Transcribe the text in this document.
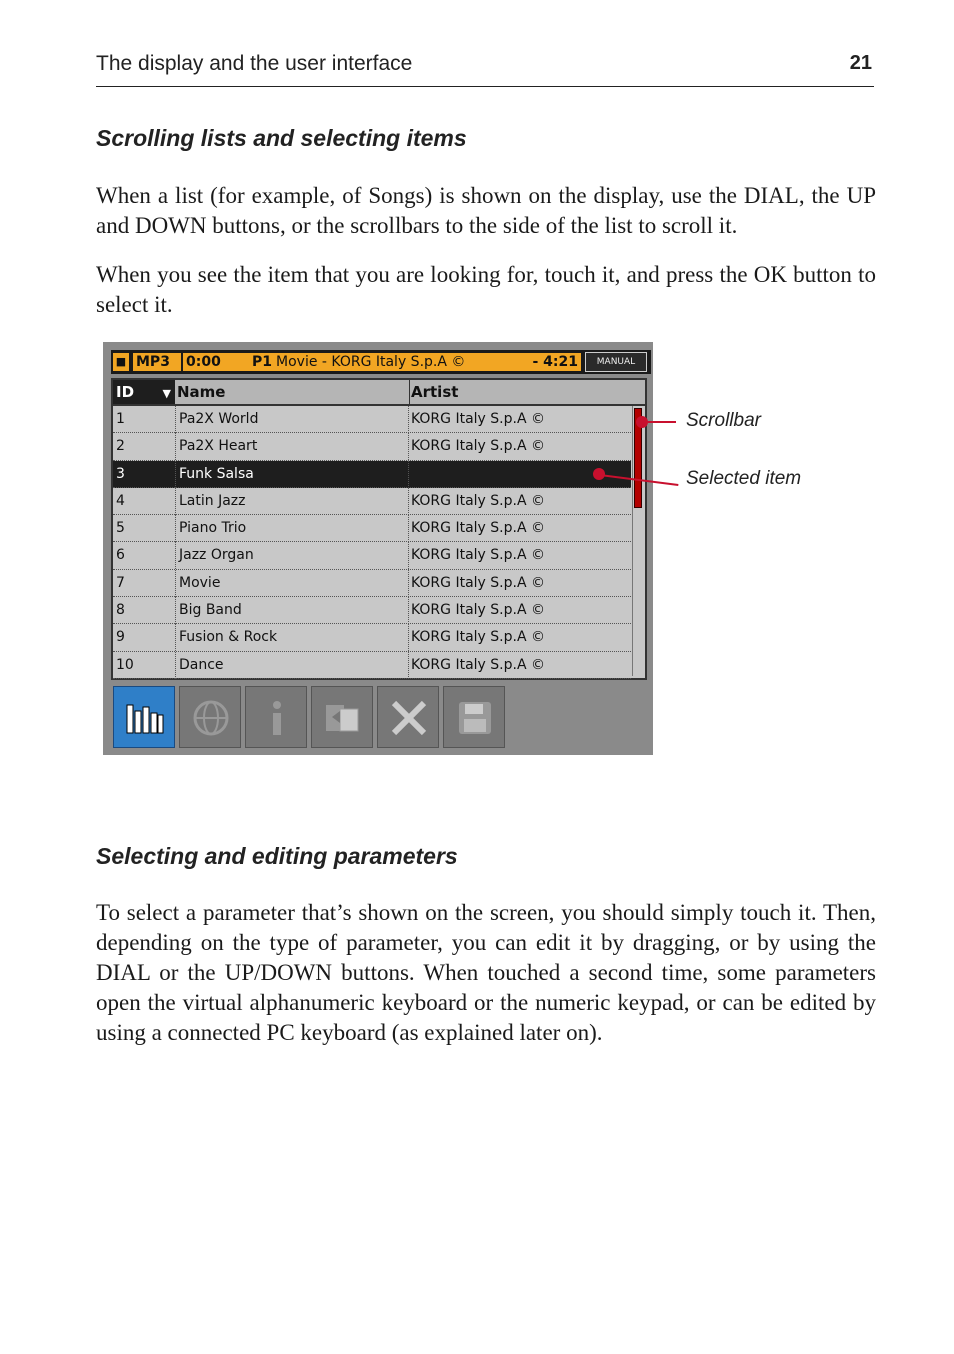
The display and the user interface	21
Scrolling lists and selecting items

When a list (for example, of Songs) is shown on the display, use the DIAL, the UP and DOWN buttons, or the scrollbars to the side of the list to scroll it.

When you see the item that you are looking for, touch it, and press the OK button to select it.

■ MP3	0:00	P1 Movie - KORG Italy S.p.A ©	- 4:21	MANUAL
ID	▼ Name	Artist
1	Pa2X World	KORG Italy S.p.A ©
2	Pa2X Heart	KORG Italy S.p.A ©
3	Funk Salsa
4	Latin Jazz	KORG Italy S.p.A ©
5	Piano Trio	KORG Italy S.p.A ©
6	Jazz Organ	KORG Italy S.p.A ©
7	Movie	KORG Italy S.p.A ©
8	Big Band	KORG Italy S.p.A ©
9	Fusion & Rock	KORG Italy S.p.A ©
10	Dance	KORG Italy S.p.A ©
Scrollbar
Selected item
Selecting and editing parameters

To select a parameter that’s shown on the screen, you should simply touch it. Then, depending on the type of parameter, you can edit it by dragging, or by using the DIAL or the UP/DOWN buttons. When touched a second time, some parameters open the virtual alphanumeric keyboard or the numeric keypad, or can be edited by using a connected PC keyboard (as explained later on).
